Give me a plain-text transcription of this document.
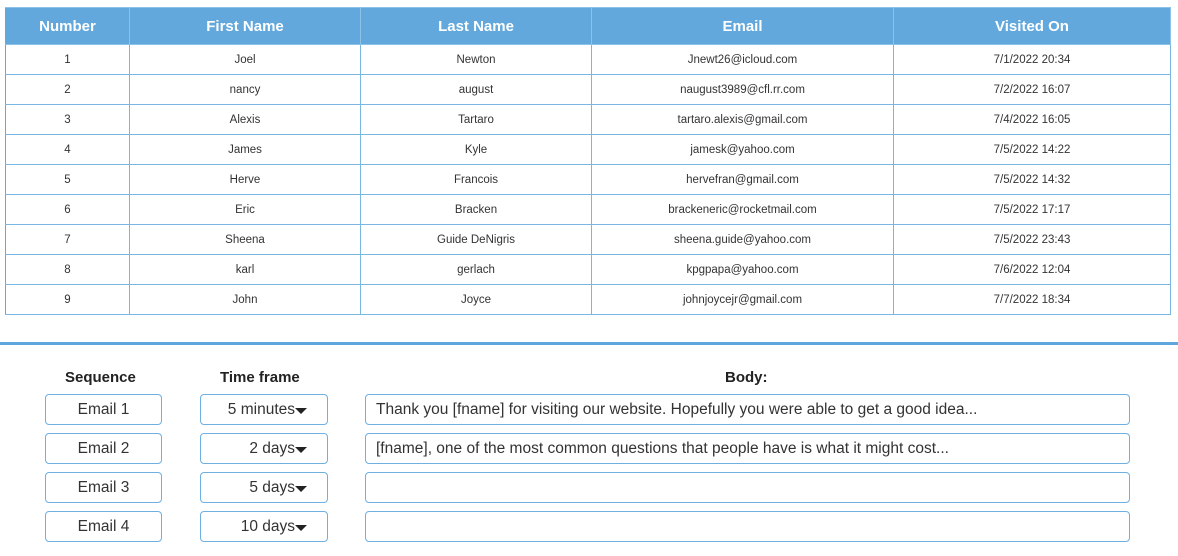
Number	First Name	Last Name	Email	Visited On
1	Joel	Newton	Jnewt26@icloud.com	7/1/2022 20:34
2	nancy	august	naugust3989@cfl.rr.com	7/2/2022 16:07
3	Alexis	Tartaro	tartaro.alexis@gmail.com	7/4/2022 16:05
4	James	Kyle	jamesk@yahoo.com	7/5/2022 14:22
5	Herve	Francois	hervefran@gmail.com	7/5/2022 14:32
6	Eric	Bracken	brackeneric@rocketmail.com	7/5/2022 17:17
7	Sheena	Guide DeNigris	sheena.guide@yahoo.com	7/5/2022 23:43
8	karl	gerlach	kpgpapa@yahoo.com	7/6/2022 12:04
9	John	Joyce	johnjoycejr@gmail.com	7/7/2022 18:34
Sequence	Time frame	Body:
Email 1	5 minutes	Thank you [fname] for visiting our website. Hopefully you were able to get a good idea...
Email 2	2 days	[fname], one of the most common questions that people have is what it might cost...
Email 3	5 days
Email 4	10 days
